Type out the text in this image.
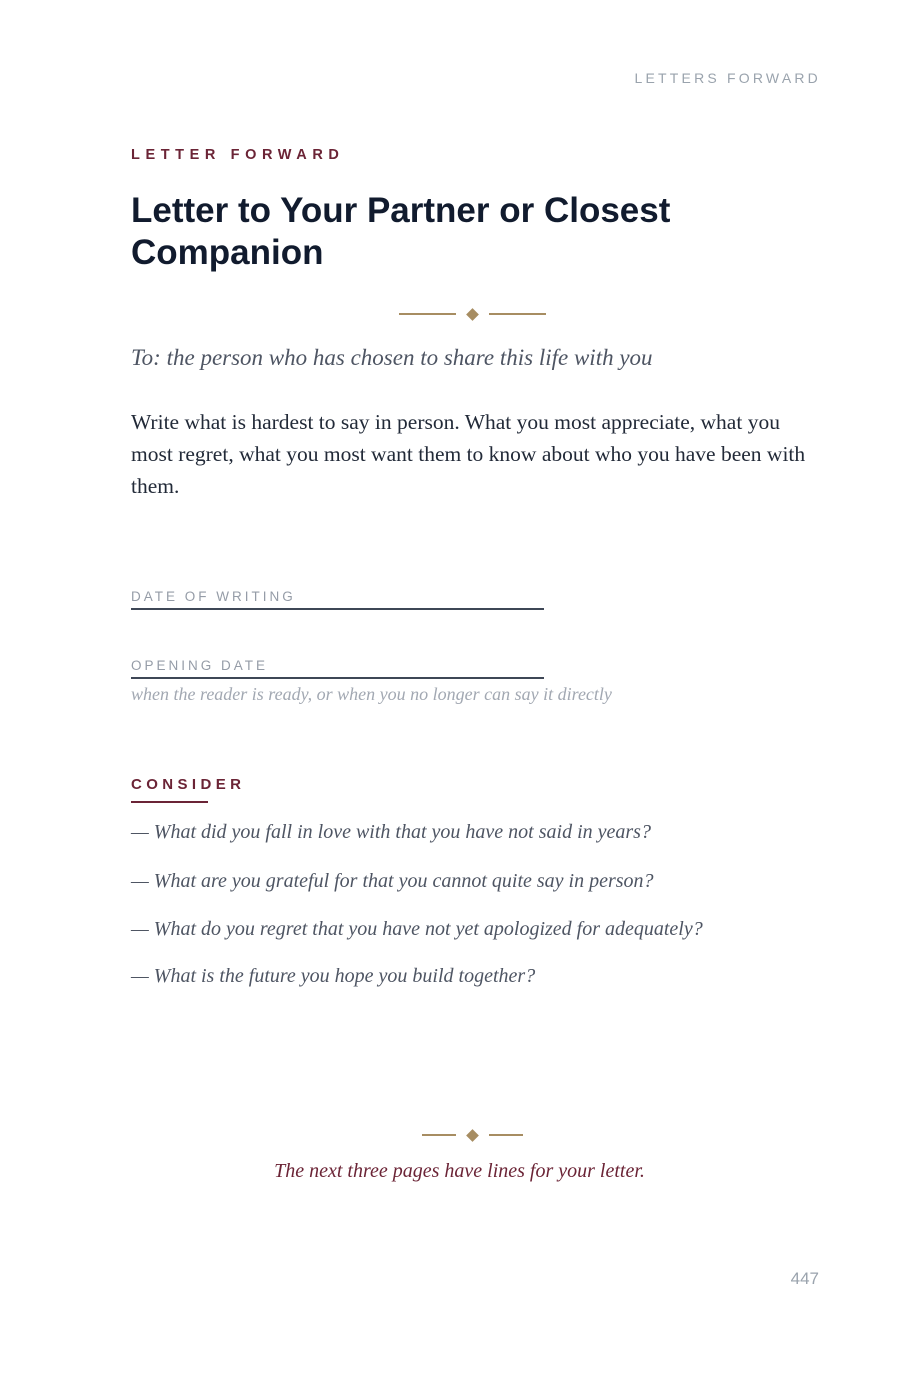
LETTERS FORWARD
LETTER FORWARD
Letter to Your Partner or Closest Companion
To: the person who has chosen to share this life with you

Write what is hardest to say in person. What you most appreciate, what you most regret, what you most want them to know about who you have been with them.

DATE OF WRITING
OPENING DATE
when the reader is ready, or when you no longer can say it directly
CONSIDER
— What did you fall in love with that you have not said in years?
— What are you grateful for that you cannot quite say in person?
— What do you regret that you have not yet apologized for adequately?
— What is the future you hope you build together?
The next three pages have lines for your letter.
447
